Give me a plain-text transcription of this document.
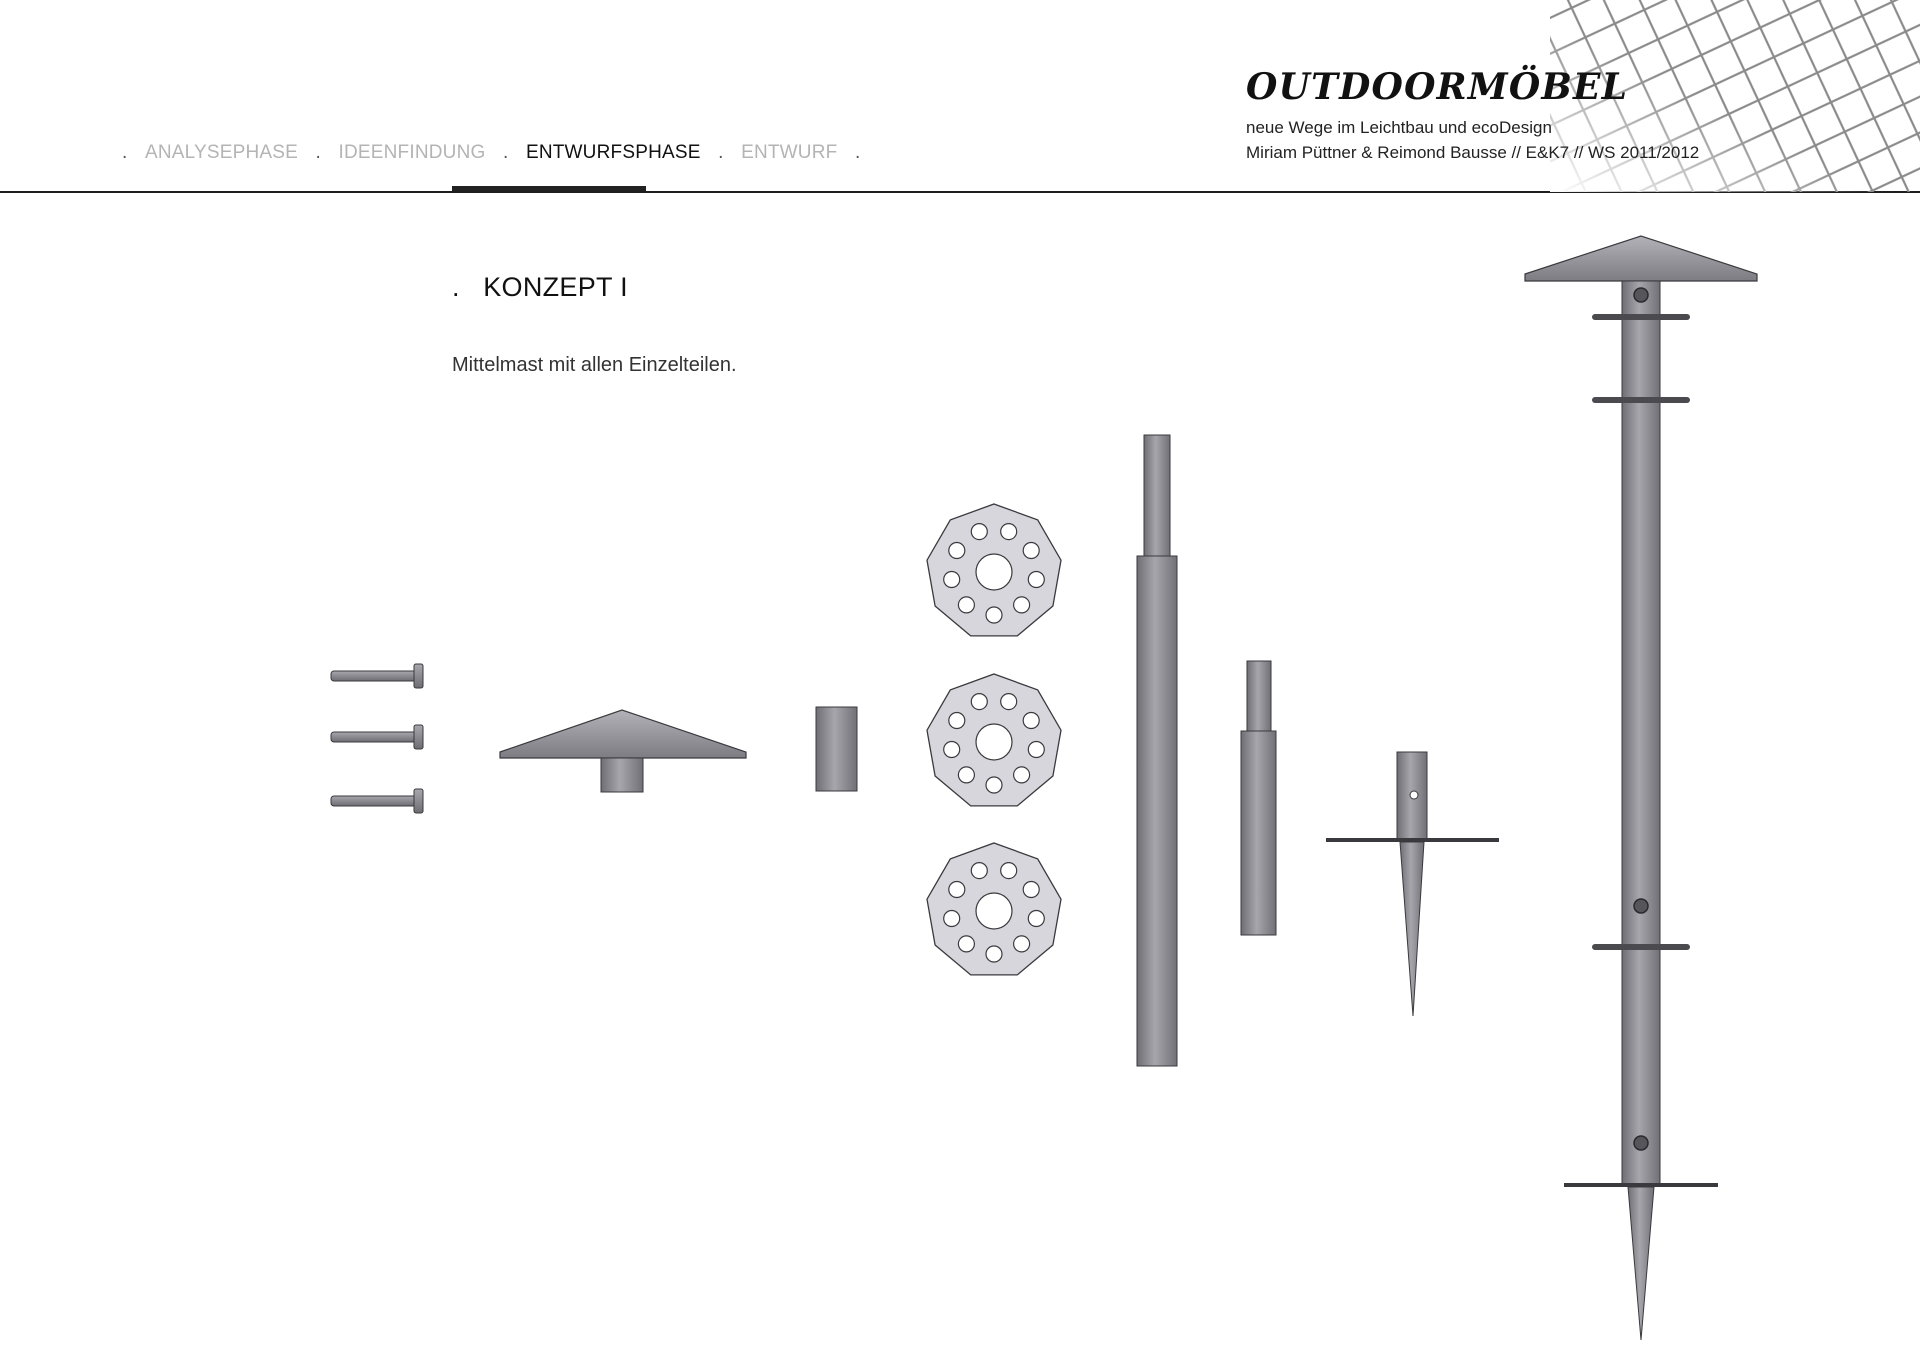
. ANALYSEPHASE . IDEENFINDUNG . ENTWURFSPHASE . ENTWURF .
OUTDOORMÖBEL
neue Wege im Leichtbau und ecoDesign
Miriam Püttner & Reimond Bausse // E&K7 // WS 2011/2012
. KONZEPT I
Mittelmast mit allen Einzelteilen.
